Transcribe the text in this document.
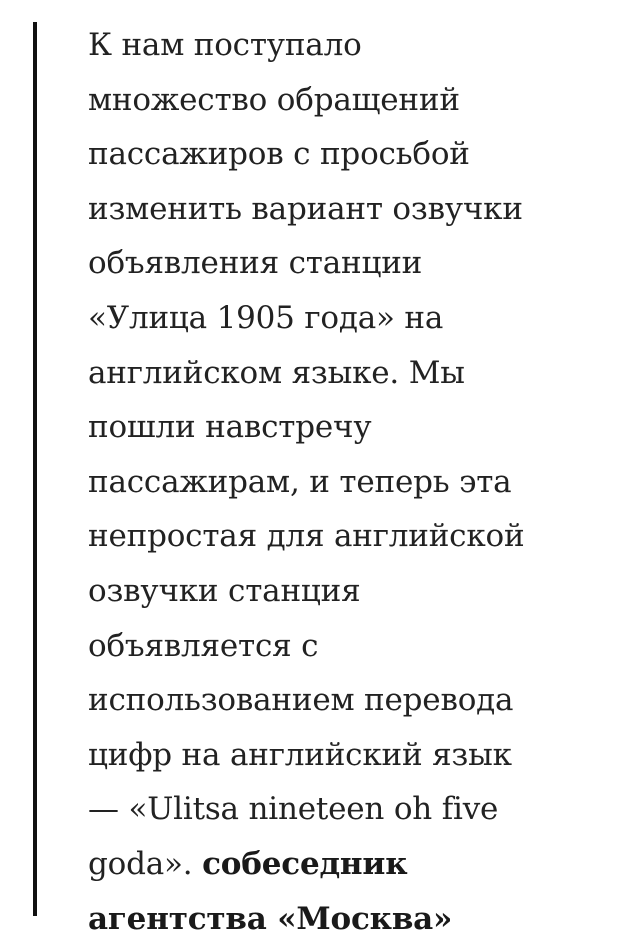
К нам поступало
множество обращений
пассажиров с просьбой
изменить вариант озвучки
объявления станции
«Улица 1905 года» на
английском языке. Мы
пошли навстречу
пассажирам, и теперь эта
непростая для английской
озвучки станция
объявляется с
использованием перевода
цифр на английский язык
— «Ulitsa nineteen oh five
goda». собеседник
агентства «Москва»
